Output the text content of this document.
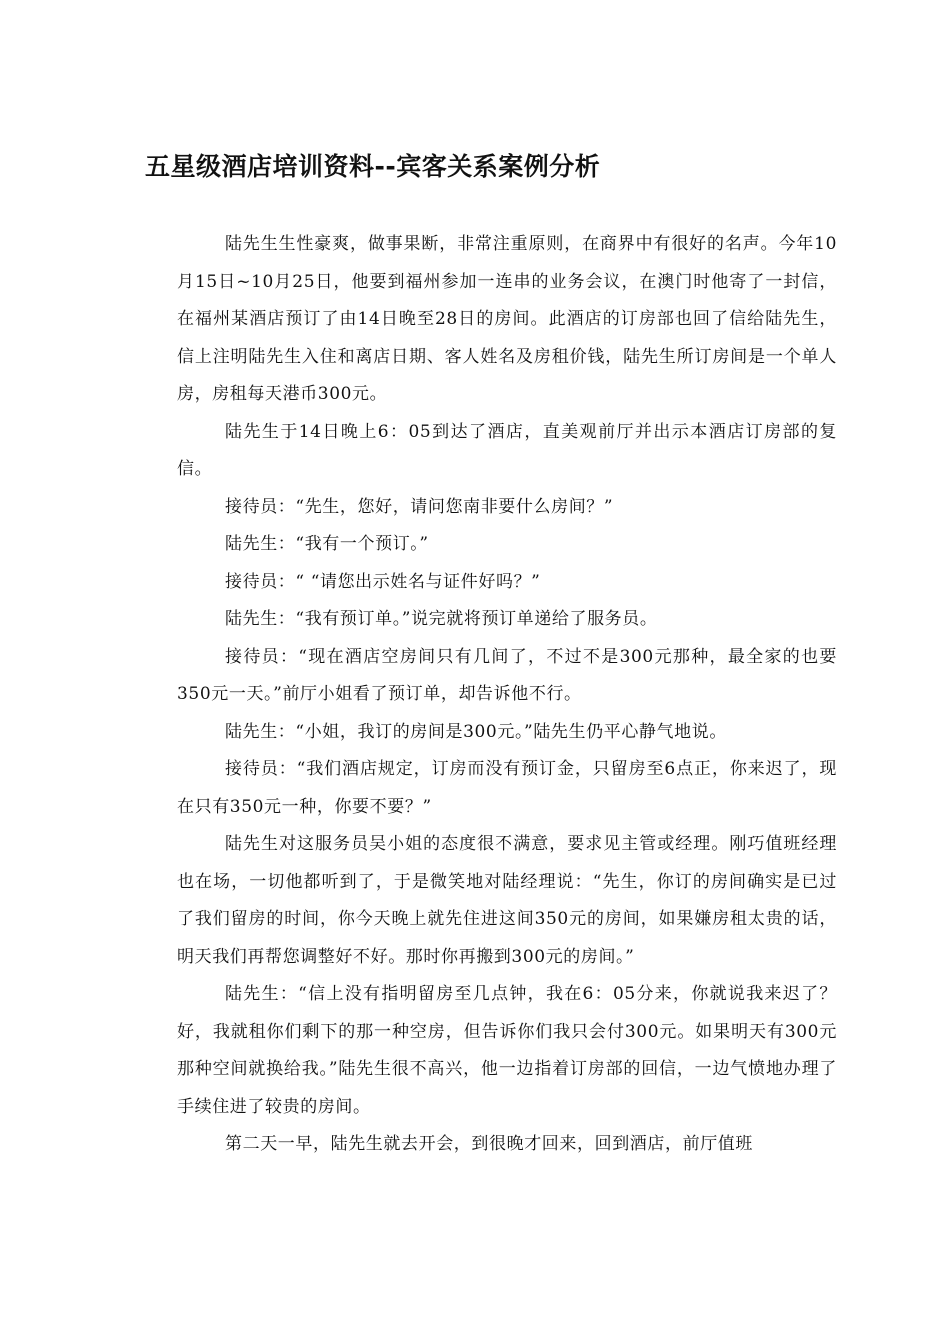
五星级酒店培训资料--宾客关系案例分析

陆先生生性豪爽，做事果断，非常注重原则，在商界中有很好的名声。今年10月15日~10月25日，他要到福州参加一连串的业务会议，在澳门时他寄了一封信，在福州某酒店预订了由14日晚至28日的房间。此酒店的订房部也回了信给陆先生，信上注明陆先生入住和离店日期、客人姓名及房租价钱，陆先生所订房间是一个单人房，房租每天港币300元。

陆先生于14日晚上6：05到达了酒店，直美观前厅并出示本酒店订房部的复信。

接待员：“先生，您好，请问您南非要什么房间？”

陆先生：“我有一个预订。”

接待员：“ “请您出示姓名与证件好吗？”

陆先生：“我有预订单。”说完就将预订单递给了服务员。

接待员：“现在酒店空房间只有几间了，不过不是300元那种，最全家的也要350元一天。”前厅小姐看了预订单，却告诉他不行。

陆先生：“小姐，我订的房间是300元。”陆先生仍平心静气地说。

接待员：“我们酒店规定，订房而没有预订金，只留房至6点正，你来迟了，现在只有350元一种，你要不要？”

陆先生对这服务员吴小姐的态度很不满意，要求见主管或经理。刚巧值班经理也在场，一切他都听到了，于是微笑地对陆经理说：“先生，你订的房间确实是已过了我们留房的时间，你今天晚上就先住进这间350元的房间，如果嫌房租太贵的话，明天我们再帮您调整好不好。那时你再搬到300元的房间。”

陆先生：“信上没有指明留房至几点钟，我在6：05分来，你就说我来迟了？好，我就租你们剩下的那一种空房，但告诉你们我只会付300元。如果明天有300元那种空间就换给我。”陆先生很不高兴，他一边指着订房部的回信，一边气愤地办理了手续住进了较贵的房间。

第二天一早，陆先生就去开会，到很晚才回来，回到酒店，前厅值班
